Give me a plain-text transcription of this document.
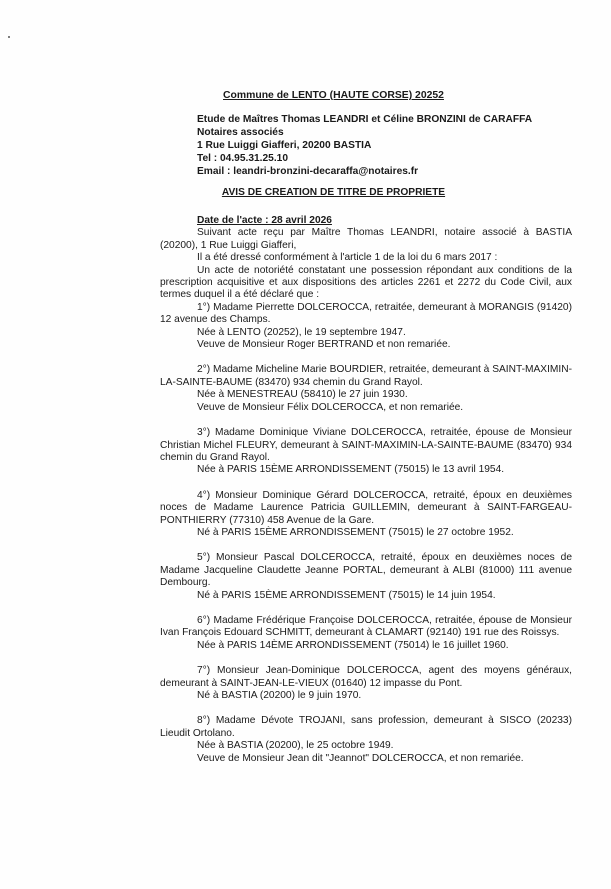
Commune de LENTO (HAUTE CORSE) 20252
Etude de Maîtres Thomas LEANDRI et Céline BRONZINI de CARAFFA
Notaires associés
1 Rue Luiggi Giafferi, 20200 BASTIA
Tel : 04.95.31.25.10
Email : leandri-bronzini-decaraffa@notaires.fr
AVIS DE CREATION DE TITRE DE PROPRIETE
Date de l'acte : 28 avril 2026

Suivant acte reçu par Maître Thomas LEANDRI, notaire associé à BASTIA (20200), 1 Rue Luiggi Giafferi,

Il a été dressé conformément à l'article 1 de la loi du 6 mars 2017 :

Un acte de notoriété constatant une possession répondant aux conditions de la prescription acquisitive et aux dispositions des articles 2261 et 2272 du Code Civil, aux termes duquel il a été déclaré que :

1°) Madame Pierrette DOLCEROCCA, retraitée, demeurant à MORANGIS (91420) 12 avenue des Champs.

Née à LENTO (20252), le 19 septembre 1947.
Veuve de Monsieur Roger BERTRAND et non remariée.

2°) Madame Micheline Marie BOURDIER, retraitée, demeurant à SAINT-MAXIMIN-LA-SAINTE-BAUME (83470) 934 chemin du Grand Rayol.

Née à MENESTREAU (58410) le 27 juin 1930.
Veuve de Monsieur Félix DOLCEROCCA, et non remariée.

3°) Madame Dominique Viviane DOLCEROCCA, retraitée, épouse de Monsieur Christian Michel FLEURY, demeurant à SAINT-MAXIMIN-LA-SAINTE-BAUME (83470) 934 chemin du Grand Rayol.

Née à PARIS 15ÈME ARRONDISSEMENT (75015) le 13 avril 1954.

4°) Monsieur Dominique Gérard DOLCEROCCA, retraité, époux en deuxièmes noces de Madame Laurence Patricia GUILLEMIN, demeurant à SAINT-FARGEAU-PONTHIERRY (77310) 458 Avenue de la Gare.

Né à PARIS 15ÈME ARRONDISSEMENT (75015) le 27 octobre 1952.

5°) Monsieur Pascal DOLCEROCCA, retraité, époux en deuxièmes noces de Madame Jacqueline Claudette Jeanne PORTAL, demeurant à ALBI (81000) 111 avenue Dembourg.

Né à PARIS 15ÈME ARRONDISSEMENT (75015) le 14 juin 1954.

6°) Madame Frédérique Françoise DOLCEROCCA, retraitée, épouse de Monsieur Ivan François Edouard SCHMITT, demeurant à CLAMART (92140) 191 rue des Roissys.

Née à PARIS 14ÈME ARRONDISSEMENT (75014) le 16 juillet 1960.

7°) Monsieur Jean-Dominique DOLCEROCCA, agent des moyens généraux, demeurant à SAINT-JEAN-LE-VIEUX (01640) 12 impasse du Pont.

Né à BASTIA (20200) le 9 juin 1970.

8°) Madame Dévote TROJANI, sans profession, demeurant à SISCO (20233) Lieudit Ortolano.

Née à BASTIA (20200), le 25 octobre 1949.
Veuve de Monsieur Jean dit "Jeannot" DOLCEROCCA, et non remariée.
